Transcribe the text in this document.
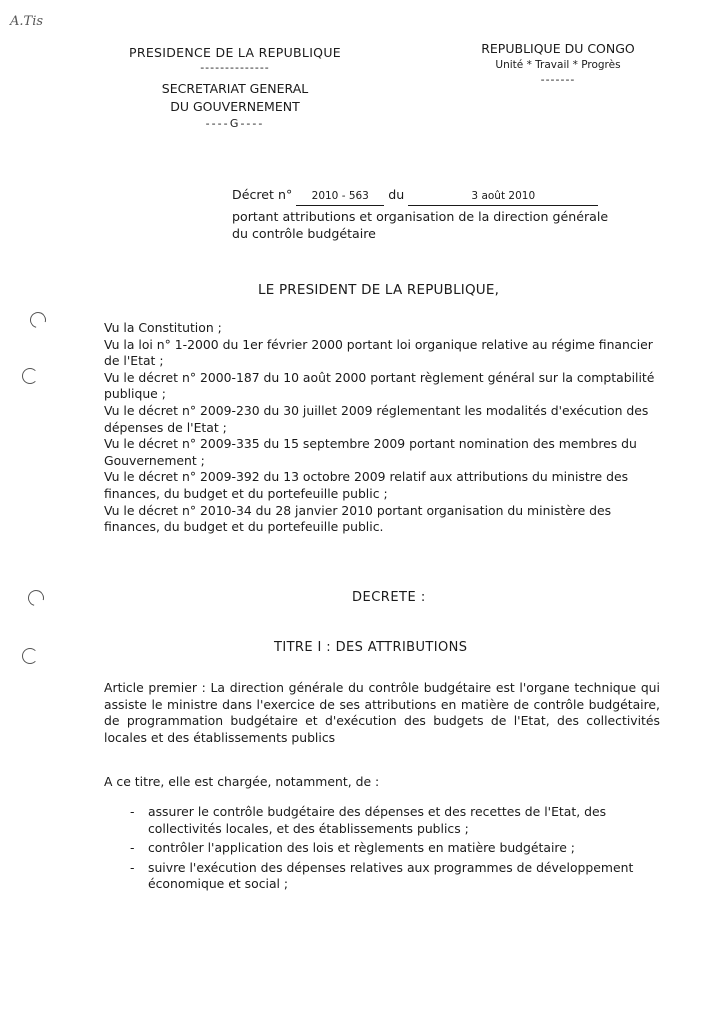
A.Tis
PRESIDENCE DE LA REPUBLIQUE
--------------
SECRETARIAT GENERAL
DU GOUVERNEMENT
----G----
REPUBLIQUE DU CONGO
Unité * Travail * Progrès
-------
Décret n° 2010 - 563 du	3 août 2010
portant attributions et organisation de la direction générale
du contrôle budgétaire
LE PRESIDENT DE LA REPUBLIQUE,
Vu la Constitution ;
Vu la loi n° 1-2000 du 1er février 2000 portant loi organique relative au régime financier de l'Etat ;
Vu le décret n° 2000-187 du 10 août 2000 portant règlement général sur la comptabilité publique ;
Vu le décret n° 2009-230 du 30 juillet 2009 réglementant les modalités d'exécution des dépenses de l'Etat ;
Vu le décret n° 2009-335 du 15 septembre 2009 portant nomination des membres du Gouvernement ;
Vu le décret n° 2009-392 du 13 octobre 2009 relatif aux attributions du ministre des finances, du budget et du portefeuille public ;
Vu le décret n° 2010-34 du 28 janvier 2010 portant organisation du ministère des finances, du budget et du portefeuille public.
DECRETE :
TITRE I : DES ATTRIBUTIONS
Article premier : La direction générale du contrôle budgétaire est l'organe technique qui assiste le ministre dans l'exercice de ses attributions en matière de contrôle budgétaire, de programmation budgétaire et d'exécution des budgets de l'Etat, des collectivités locales et des établissements publics
A ce titre, elle est chargée, notamment, de :
- assurer le contrôle budgétaire des dépenses et des recettes de l'Etat, des collectivités locales, et des établissements publics ;
- contrôler l'application des lois et règlements en matière budgétaire ;
- suivre l'exécution des dépenses relatives aux programmes de développement économique et social ;
